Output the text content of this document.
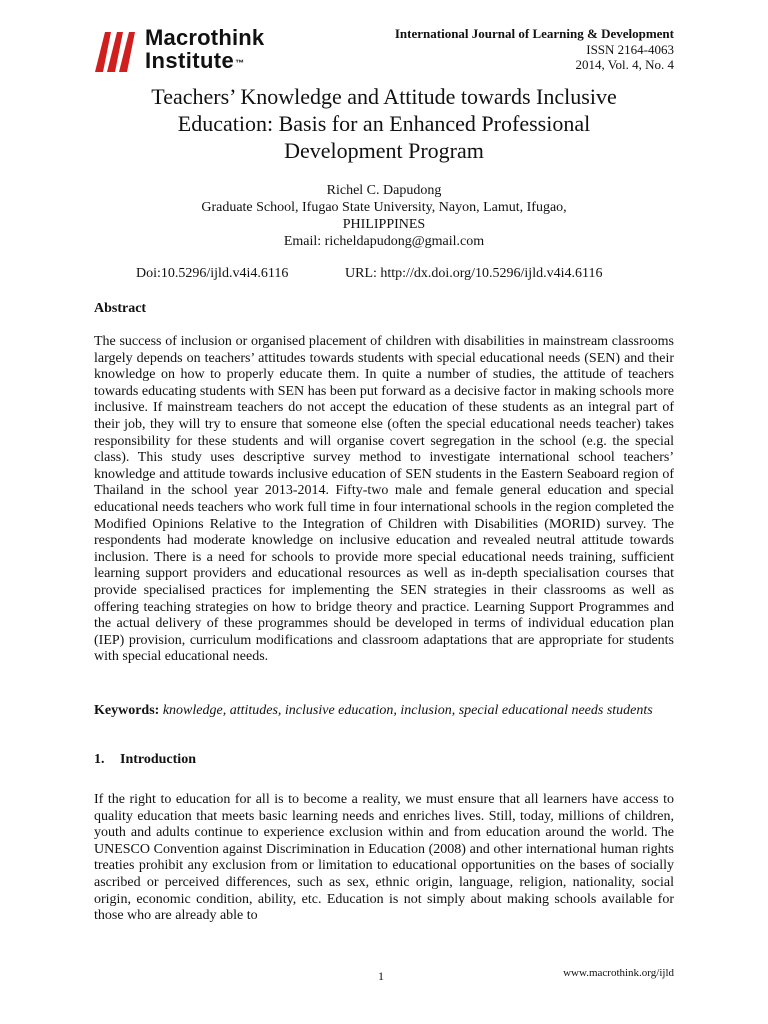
Macrothink
Institute™
International Journal of Learning & Development
ISSN 2164-4063
2014, Vol. 4, No. 4
Teachers’ Knowledge and Attitude towards Inclusive
Education: Basis for an Enhanced Professional
Development Program
Richel C. Dapudong
Graduate School, Ifugao State University, Nayon, Lamut, Ifugao,
PHILIPPINES
Email: richeldapudong@gmail.com
Doi:10.5296/ijld.v4i4.6116	URL: http://dx.doi.org/10.5296/ijld.v4i4.6116
Abstract
The success of inclusion or organised placement of children with disabilities in mainstream classrooms largely depends on teachers’ attitudes towards students with special educational needs (SEN) and their knowledge on how to properly educate them. In quite a number of studies, the attitude of teachers towards educating students with SEN has been put forward as a decisive factor in making schools more inclusive. If mainstream teachers do not accept the education of these students as an integral part of their job, they will try to ensure that someone else (often the special educational needs teacher) takes responsibility for these students and will organise covert segregation in the school (e.g. the special class). This study uses descriptive survey method to investigate international school teachers’ knowledge and attitude towards inclusive education of SEN students in the Eastern Seaboard region of Thailand in the school year 2013-2014. Fifty-two male and female general education and special educational needs teachers who work full time in four international schools in the region completed the Modified Opinions Relative to the Integration of Children with Disabilities (MORID) survey. The respondents had moderate knowledge on inclusive education and revealed neutral attitude towards inclusion. There is a need for schools to provide more special educational needs training, sufficient learning support providers and educational resources as well as in-depth specialisation courses that provide specialised practices for implementing the SEN strategies in their classrooms as well as offering teaching strategies on how to bridge theory and practice. Learning Support Programmes and the actual delivery of these programmes should be developed in terms of individual education plan (IEP) provision, curriculum modifications and classroom adaptations that are appropriate for students with special educational needs.
Keywords: knowledge, attitudes, inclusive education, inclusion, special educational needs students
1. Introduction
If the right to education for all is to become a reality, we must ensure that all learners have access to quality education that meets basic learning needs and enriches lives. Still, today, millions of children, youth and adults continue to experience exclusion within and from education around the world. The UNESCO Convention against Discrimination in Education (2008) and other international human rights treaties prohibit any exclusion from or limitation to educational opportunities on the bases of socially ascribed or perceived differences, such as sex, ethnic origin, language, religion, nationality, social origin, economic condition, ability, etc. Education is not simply about making schools available for those who are already able to
1	www.macrothink.org/ijld
